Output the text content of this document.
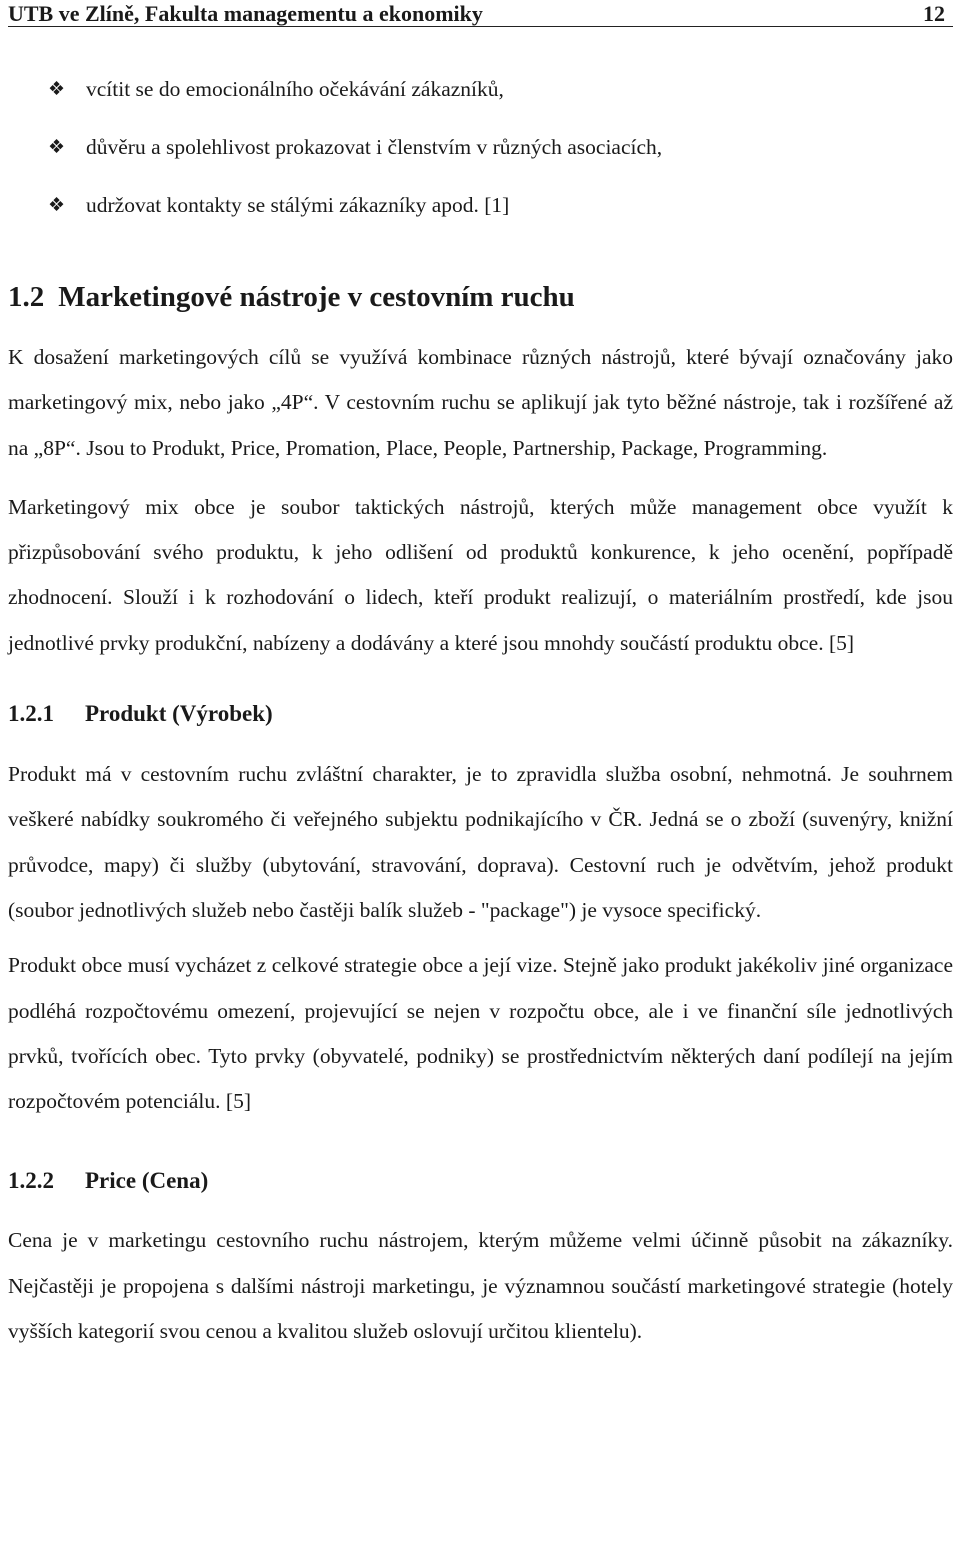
UTB ve Zlíně, Fakulta managementu a ekonomiky	12
❖ vcítit se do emocionálního očekávání zákazníků,
❖ důvěru a spolehlivost prokazovat i členstvím v různých asociacích,
❖ udržovat kontakty se stálými zákazníky apod. [1]
1.2 Marketingové nástroje v cestovním ruchu

K dosažení marketingových cílů se využívá kombinace různých nástrojů, které bývají označovány jako marketingový mix, nebo jako „4P“. V cestovním ruchu se aplikují jak tyto běžné nástroje, tak i rozšířené až na „8P“. Jsou to Produkt, Price, Promation, Place, People, Partnership, Package, Programming.

Marketingový mix obce je soubor taktických nástrojů, kterých může management obce využít k přizpůsobování svého produktu, k jeho odlišení od produktů konkurence, k jeho ocenění, popřípadě zhodnocení. Slouží i k rozhodování o lidech, kteří produkt realizují, o materiálním prostředí, kde jsou jednotlivé prvky produkční, nabízeny a dodávány a které jsou mnohdy součástí produktu obce. [5]

1.2.1 Produkt (Výrobek)

Produkt má v cestovním ruchu zvláštní charakter, je to zpravidla služba osobní, nehmotná. Je souhrnem veškeré nabídky soukromého či veřejného subjektu podnikajícího v ČR. Jedná se o zboží (suvenýry, knižní průvodce, mapy) či služby (ubytování, stravování, doprava). Cestovní ruch je odvětvím, jehož produkt (soubor jednotlivých služeb nebo častěji balík služeb - "package") je vysoce specifický.

Produkt obce musí vycházet z celkové strategie obce a její vize. Stejně jako produkt jakékoliv jiné organizace podléhá rozpočtovému omezení, projevující se nejen v rozpočtu obce, ale i ve finanční síle jednotlivých prvků, tvořících obec. Tyto prvky (obyvatelé, podniky) se prostřednictvím některých daní podílejí na jejím rozpočtovém potenciálu. [5]

1.2.2 Price (Cena)

Cena je v marketingu cestovního ruchu nástrojem, kterým můžeme velmi účinně působit na zákazníky. Nejčastěji je propojena s dalšími nástroji marketingu, je významnou součástí marketingové strategie (hotely vyšších kategorií svou cenou a kvalitou služeb oslovují určitou klientelu).
